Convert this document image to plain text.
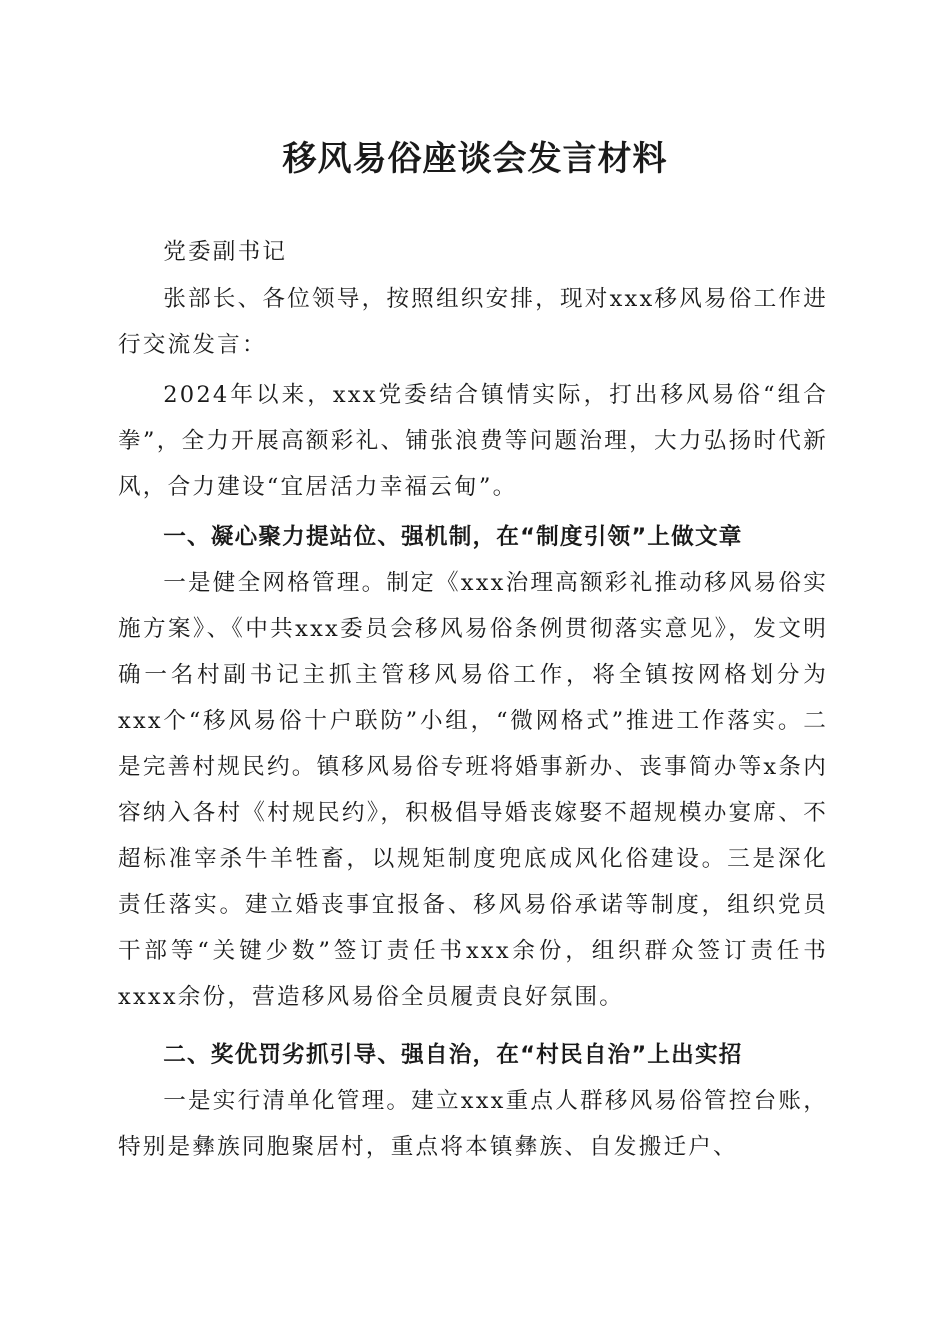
移风易俗座谈会发言材料

党委副书记

张部长、各位领导，按照组织安排，现对xxx移风易俗工作进行交流发言：

2024年以来，xxx党委结合镇情实际，打出移风易俗“组合拳”，全力开展高额彩礼、铺张浪费等问题治理，大力弘扬时代新风，合力建设“宜居活力幸福云甸”。

一、凝心聚力提站位、强机制，在“制度引领”上做文章

一是健全网格管理。制定《xxx治理高额彩礼推动移风易俗实施方案》、《中共xxx委员会移风易俗条例贯彻落实意见》，发文明确一名村副书记主抓主管移风易俗工作，将全镇按网格划分为xxx个“移风易俗十户联防”小组，“微网格式”推进工作落实。二是完善村规民约。镇移风易俗专班将婚事新办、丧事简办等x条内容纳入各村《村规民约》，积极倡导婚丧嫁娶不超规模办宴席、不超标准宰杀牛羊牲畜，以规矩制度兜底成风化俗建设。三是深化责任落实。建立婚丧事宜报备、移风易俗承诺等制度，组织党员干部等“关键少数”签订责任书xxx余份，组织群众签订责任书xxxx余份，营造移风易俗全员履责良好氛围。

二、奖优罚劣抓引导、强自治，在“村民自治”上出实招

一是实行清单化管理。建立xxx重点人群移风易俗管控台账，特别是彝族同胞聚居村，重点将本镇彝族、自发搬迁户、
